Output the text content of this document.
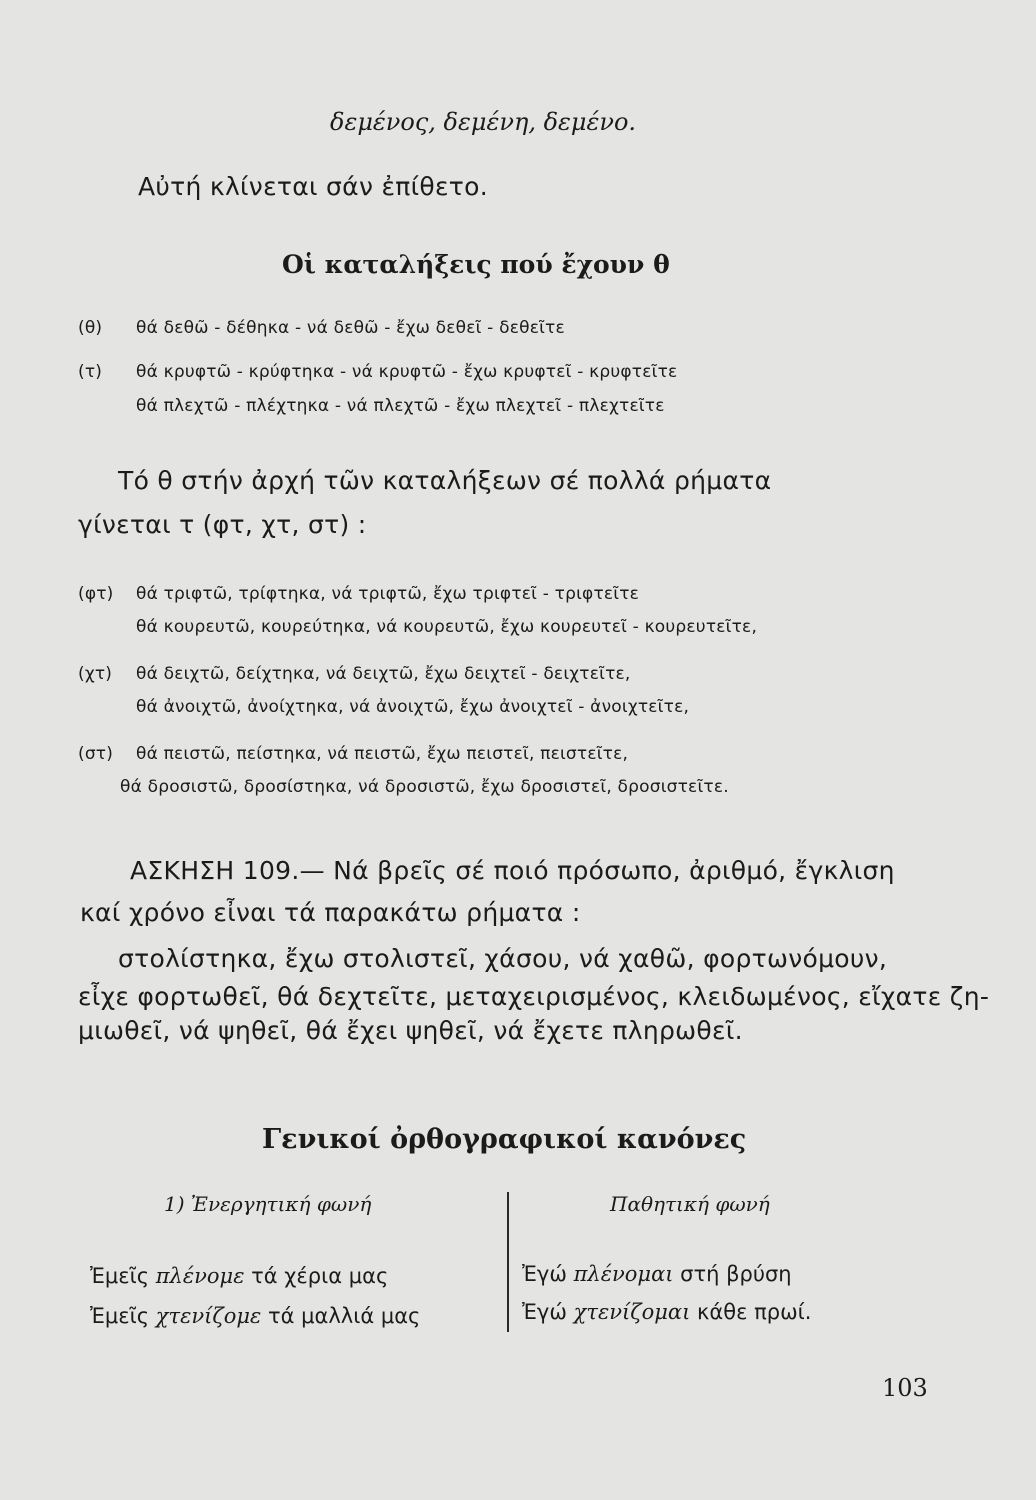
δεμένος, δεμένη, δεμένο.
Αὐτή κλίνεται σάν ἐπίθετο.
Οἱ καταλήξεις πού ἔχουν θ
(θ) θά δεθῶ - δέθηκα - νά δεθῶ - ἔχω δεθεῖ - δεθεῖτε
(τ) θά κρυφτῶ - κρύφτηκα - νά κρυφτῶ - ἔχω κρυφτεῖ - κρυφτεῖτε
θά πλεχτῶ - πλέχτηκα - νά πλεχτῶ - ἔχω πλεχτεῖ - πλεχτεῖτε
Τό θ στήν ἀρχή τῶν καταλήξεων σέ πολλά ρήματα
γίνεται τ (φτ, χτ, στ) :
(φτ) θά τριφτῶ, τρίφτηκα, νά τριφτῶ, ἔχω τριφτεῖ - τριφτεῖτε
θά κουρευτῶ, κουρεύτηκα, νά κουρευτῶ, ἔχω κουρευτεῖ - κουρευτεῖτε,
(χτ) θά δειχτῶ, δείχτηκα, νά δειχτῶ, ἔχω δειχτεῖ - δειχτεῖτε,
θά ἀνοιχτῶ, ἀνοίχτηκα, νά ἀνοιχτῶ, ἔχω ἀνοιχτεῖ - ἀνοιχτεῖτε,
(στ) θά πειστῶ, πείστηκα, νά πειστῶ, ἔχω πειστεῖ, πειστεῖτε,
θά δροσιστῶ, δροσίστηκα, νά δροσιστῶ, ἔχω δροσιστεῖ, δροσιστεῖτε.
ΑΣΚΗΣΗ 109.— Νά βρεῖς σέ ποιό πρόσωπο, ἀριθμό, ἔγκλιση
καί χρόνο εἶναι τά παρακάτω ρήματα :
στολίστηκα, ἔχω στολιστεῖ, χάσου, νά χαθῶ, φορτωνόμουν,
εἶχε φορτωθεῖ, θά δεχτεῖτε, μεταχειρισμένος, κλειδωμένος, εἴχατε ζη-
μιωθεῖ, νά ψηθεῖ, θά ἔχει ψηθεῖ, νά ἔχετε πληρωθεῖ.
Γενικοί ὀρθογραφικοί κανόνες
1) Ἐνεργητική φωνή	Παθητική φωνή
Ἐμεῖς πλένομε τά χέρια μας
Ἐμεῖς χτενίζομε τά μαλλιά μας
Ἐγώ πλένομαι στή βρύση
Ἐγώ χτενίζομαι κάθε πρωί.
103
